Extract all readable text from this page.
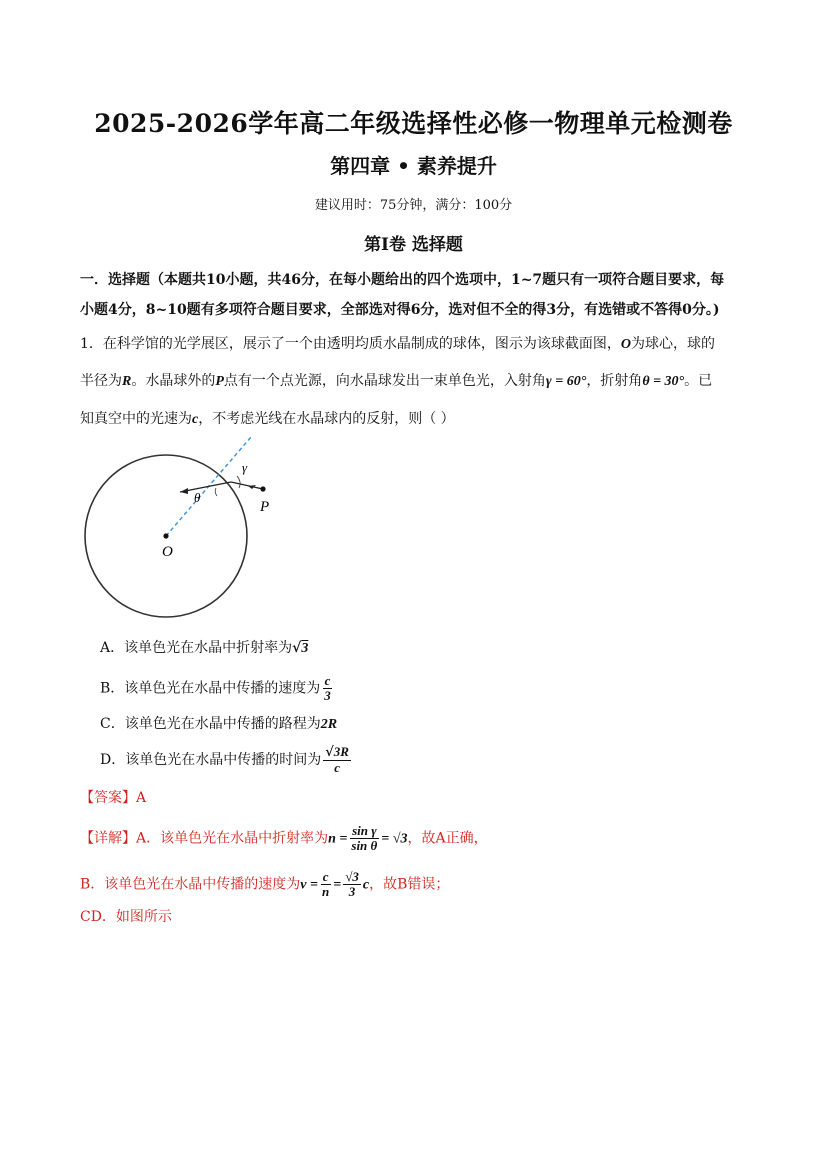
2025-2026学年高二年级选择性必修一物理单元检测卷
第四章 • 素养提升
建议用时：75分钟，满分：100分
第I卷 选择题
一．选择题（本题共10小题，共46分，在每小题给出的四个选项中，1~7题只有一项符合题目要求，每
小题4分，8~10题有多项符合题目要求，全部选对得6分，选对但不全的得3分，有选错或不答得0分。)
1．在科学馆的光学展区，展示了一个由透明均质水晶制成的球体，图示为该球截面图，O为球心，球的
半径为R。水晶球外的P点有一个点光源，向水晶球发出一束单色光，入射角γ = 60°，折射角θ = 30°。已
知真空中的光速为c，不考虑光线在水晶球内的反射，则（ ）
γ
θ
P
O
A．该单色光在水晶中折射率为√3
B．该单色光在水晶中传播的速度为 $\frac{c}{3}$
C．该单色光在水晶中传播的路程为2R
D．该单色光在水晶中传播的时间为 $\frac{√3R}{c}$
【答案】A
【详解】A．该单色光在水晶中折射率为$n = \frac{\text{sin γ}}{\text{sin θ}} = √3$，故A正确，
B．该单色光在水晶中传播的速度为$v = \frac{c}{n} = \frac{√3}{3}$ c，故B错误；
CD．如图所示
